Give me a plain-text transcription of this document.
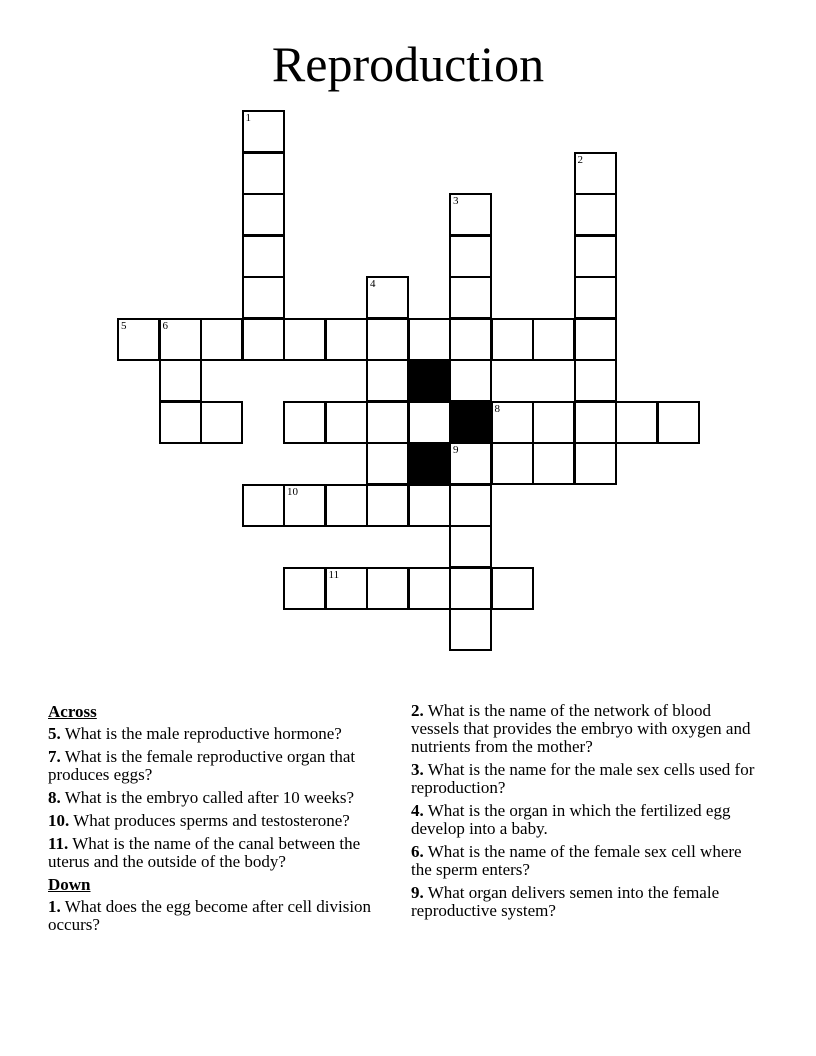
Reproduction
1
2
3
9
4
5	6
8
10
11
Across
5. What is the male reproductive hormone?
7. What is the female reproductive organ that produces eggs?
8. What is the embryo called after 10 weeks?
10. What produces sperms and testosterone?
11. What is the name of the canal between the uterus and the outside of the body?
Down
1. What does the egg become after cell division occurs?
2. What is the name of the network of blood vessels that provides the embryo with oxygen and nutrients from the mother?
3. What is the name for the male sex cells used for reproduction?
4. What is the organ in which the fertilized egg develop into a baby.
6. What is the name of the female sex cell where the sperm enters?
9. What organ delivers semen into the female reproductive system?
